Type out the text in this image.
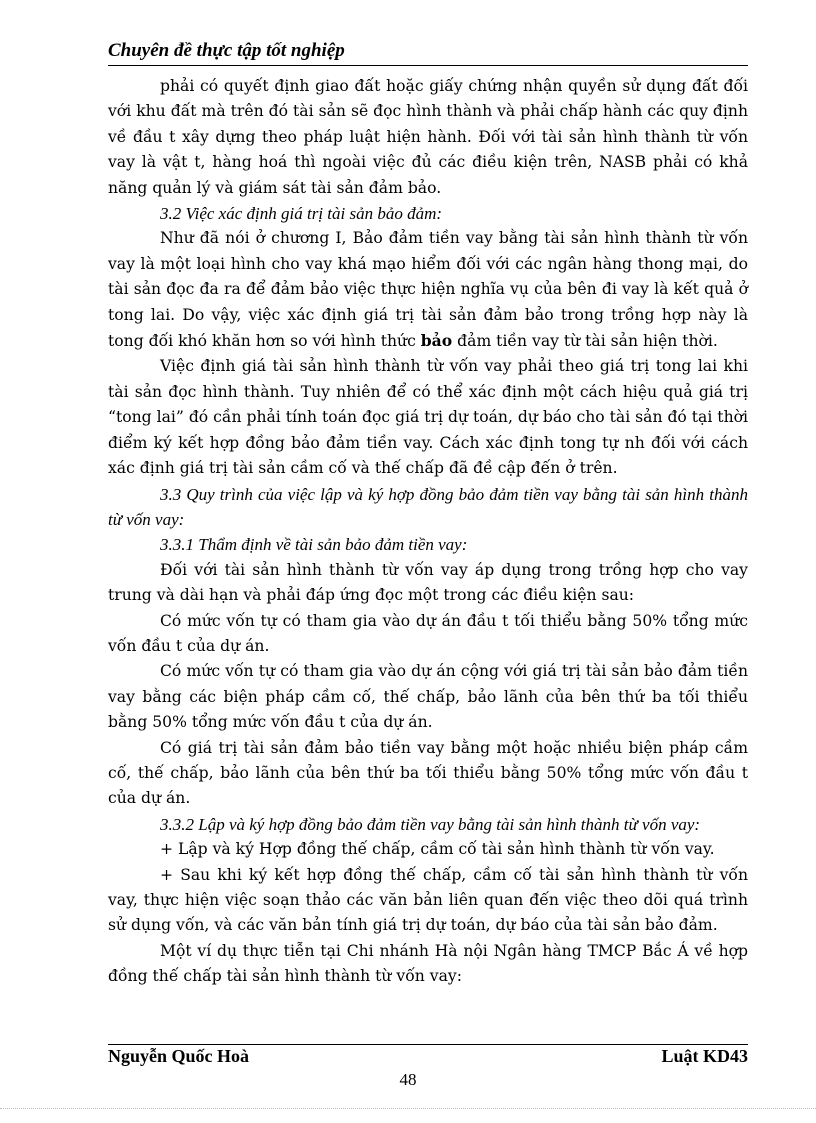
Chuyên đề thực tập tốt nghiệp

phải có quyết định giao đất hoặc giấy chứng nhận quyền sử dụng đất đối với khu đất mà trên đó tài sản sẽ đọc hình thành và phải chấp hành các quy định về đầu t xây dựng theo pháp luật hiện hành. Đối với tài sản hình thành từ vốn vay là vật t, hàng hoá thì ngoài việc đủ các điều kiện trên, NASB phải có khả năng quản lý và giám sát tài sản đảm bảo.

3.2 Việc xác định giá trị tài sản bảo đảm:

Như đã nói ở chương I, Bảo đảm tiền vay bằng tài sản hình thành từ vốn vay là một loại hình cho vay khá mạo hiểm đối với các ngân hàng thong mại, do tài sản đọc đa ra để đảm bảo việc thực hiện nghĩa vụ của bên đi vay là kết quả ở tong lai. Do vậy, việc xác định giá trị tài sản đảm bảo trong trồng hợp này là tong đối khó khăn hơn so với hình thức bảo đảm tiền vay từ tài sản hiện thời.

Việc định giá tài sản hình thành từ vốn vay phải theo giá trị tong lai khi tài sản đọc hình thành. Tuy nhiên để có thể xác định một cách hiệu quả giá trị “tong lai” đó cần phải tính toán đọc giá trị dự toán, dự báo cho tài sản đó tại thời điểm ký kết hợp đồng bảo đảm tiền vay. Cách xác định tong tự nh đối với cách xác định giá trị tài sản cầm cố và thế chấp đã đề cập đến ở trên.

3.3 Quy trình của việc lập và ký hợp đồng bảo đảm tiền vay bằng tài sản hình thành từ vốn vay:

3.3.1 Thẩm định về tài sản bảo đảm tiền vay:

Đối với tài sản hình thành từ vốn vay áp dụng trong trồng hợp cho vay trung và dài hạn và phải đáp ứng đọc một trong các điều kiện sau:

Có mức vốn tự có tham gia vào dự án đầu t tối thiểu bằng 50% tổng mức vốn đầu t của dự án.

Có mức vốn tự có tham gia vào dự án cộng với giá trị tài sản bảo đảm tiền vay bằng các biện pháp cầm cố, thế chấp, bảo lãnh của bên thứ ba tối thiểu bằng 50% tổng mức vốn đầu t của dự án.

Có giá trị tài sản đảm bảo tiền vay bằng một hoặc nhiều biện pháp cầm cố, thế chấp, bảo lãnh của bên thứ ba tối thiểu bằng 50% tổng mức vốn đầu t của dự án.

3.3.2 Lập và ký hợp đồng bảo đảm tiền vay bằng tài sản hình thành từ vốn vay:

+ Lập và ký Hợp đồng thế chấp, cầm cố tài sản hình thành từ vốn vay.

+ Sau khi ký kết hợp đồng thế chấp, cầm cố tài sản hình thành từ vốn vay, thực hiện việc soạn thảo các văn bản liên quan đến việc theo dõi quá trình sử dụng vốn, và các văn bản tính giá trị dự toán, dự báo của tài sản bảo đảm.

Một ví dụ thực tiễn tại Chi nhánh Hà nội Ngân hàng TMCP Bắc Á về hợp đồng thế chấp tài sản hình thành từ vốn vay:

Nguyễn Quốc Hoà	Luật KD43
48
